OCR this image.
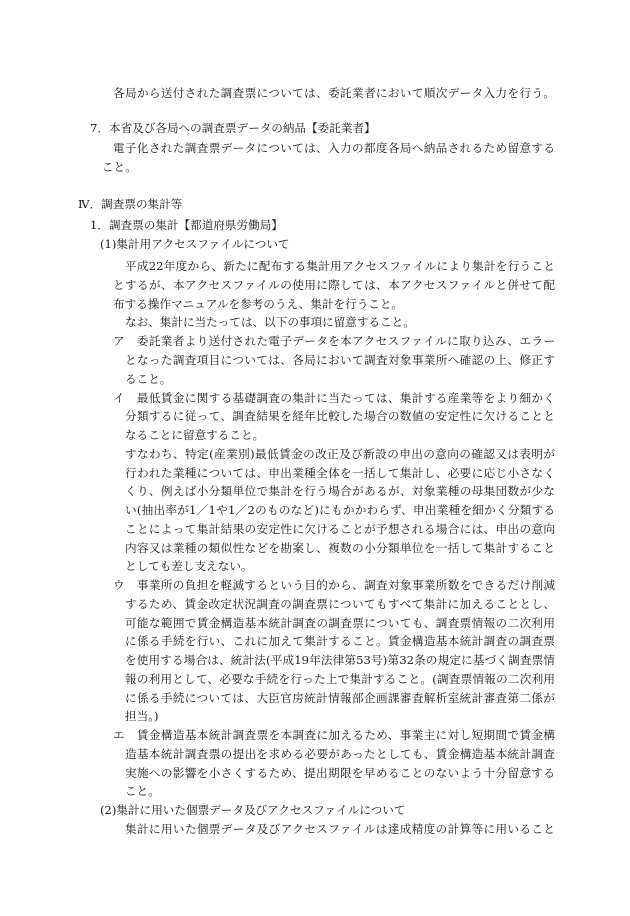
各局から送付された調査票については、委託業者において順次データ入力を行う。
7．本省及び各局への調査票データの納品【委託業者】
電子化された調査票データについては、入力の都度各局へ納品されるため留意する
こと。
Ⅳ．調査票の集計等
1．調査票の集計【都道府県労働局】
(1)集計用アクセスファイルについて
平成22年度から、新たに配布する集計用アクセスファイルにより集計を行うこと
とするが、本アクセスファイルの使用に際しては、本アクセスファイルと併せて配
布する操作マニュアルを参考のうえ、集計を行うこと。
なお、集計に当たっては、以下の事項に留意すること。
ア　委託業者より送付された電子データを本アクセスファイルに取り込み、エラー
となった調査項目については、各局において調査対象事業所へ確認の上、修正す
ること。
イ　最低賃金に関する基礎調査の集計に当たっては、集計する産業等をより細かく
分類するに従って、調査結果を経年比較した場合の数値の安定性に欠けることと
なることに留意すること。
すなわち、特定(産業別)最低賃金の改正及び新設の申出の意向の確認又は表明が
行われた業種については、申出業種全体を一括して集計し、必要に応じ小さなく
くり、例えば小分類単位で集計を行う場合があるが、対象業種の母集団数が少な
い(抽出率が1／1や1／2のものなど)にもかかわらず、申出業種を細かく分類する
ことによって集計結果の安定性に欠けることが予想される場合には、申出の意向
内容又は業種の類似性などを勘案し、複数の小分類単位を一括して集計すること
としても差し支えない。
ウ　事業所の負担を軽減するという目的から、調査対象事業所数をできるだけ削減
するため、賃金改定状況調査の調査票についてもすべて集計に加えることとし、
可能な範囲で賃金構造基本統計調査の調査票についても、調査票情報の二次利用
に係る手続を行い、これに加えて集計すること。賃金構造基本統計調査の調査票
を使用する場合は、統計法(平成19年法律第53号)第32条の規定に基づく調査票情
報の利用として、必要な手続を行った上で集計すること。(調査票情報の二次利用
に係る手続については、大臣官房統計情報部企画課審査解析室統計審査第二係が
担当。)
エ　賃金構造基本統計調査票を本調査に加えるため、事業主に対し短期間で賃金構
造基本統計調査票の提出を求める必要があったとしても、賃金構造基本統計調査
実施への影響を小さくするため、提出期限を早めることのないよう十分留意する
こと。
(2)集計に用いた個票データ及びアクセスファイルについて
集計に用いた個票データ及びアクセスファイルは達成精度の計算等に用いること
